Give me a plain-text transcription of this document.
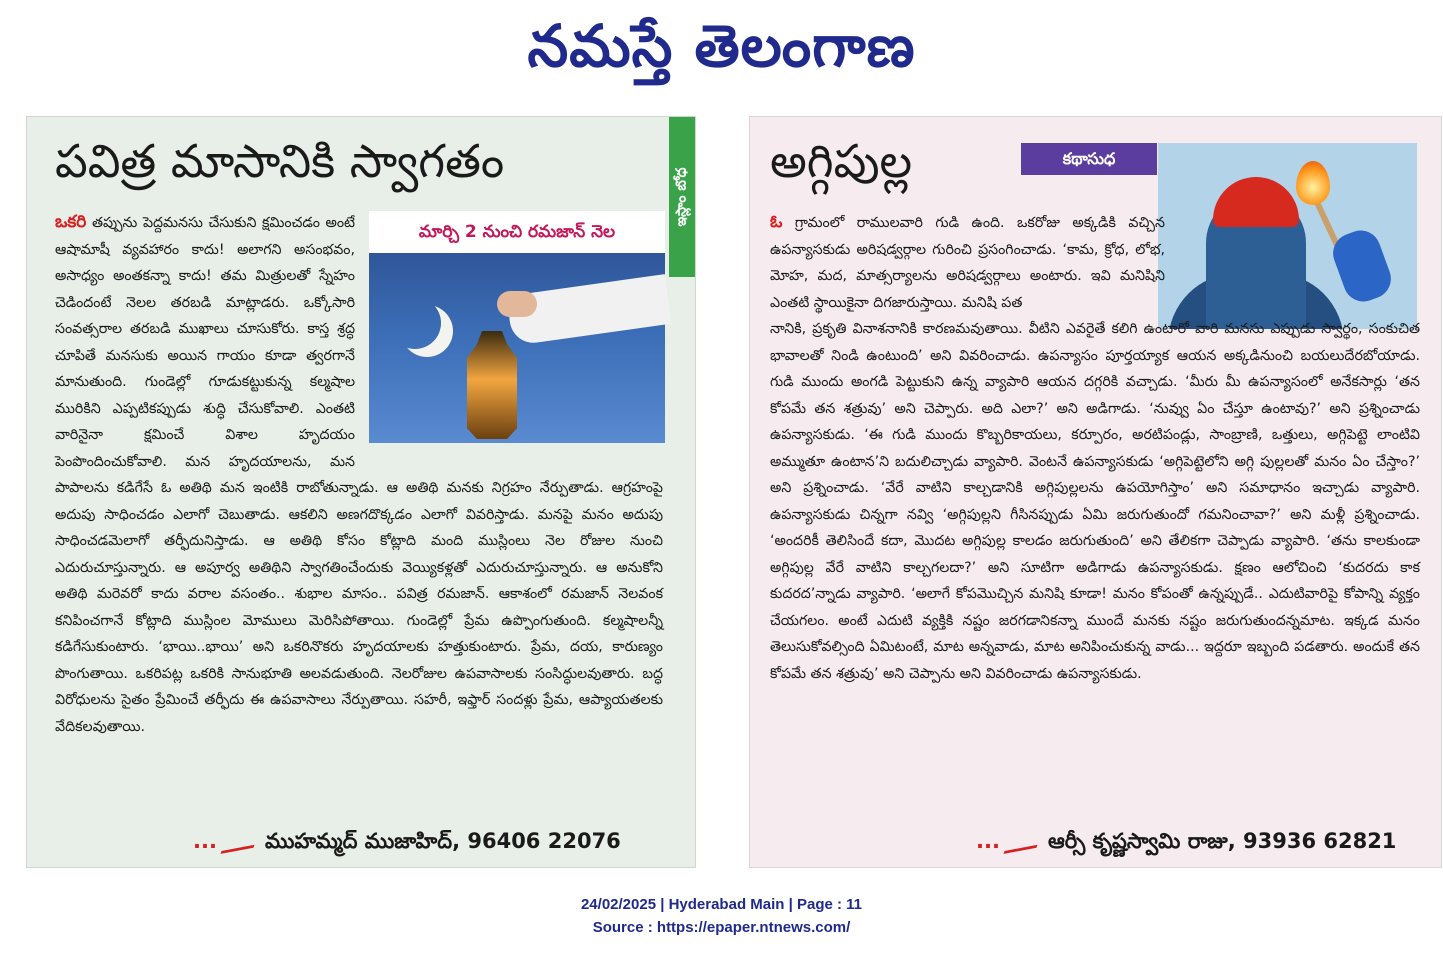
నమస్తే తెలంగాణ
పవిత్ర మాసానికి స్వాగతం
ఇస్లాం బోధ
మార్చి 2 నుంచి రమజాన్ నెల
ఒకరి తప్పును పెద్దమనసు చేసుకుని క్షమించడం అంటే ఆషామాషీ వ్యవహారం కాదు! అలాగని అసంభవం, అసాధ్యం అంతకన్నా కాదు! తమ మిత్రులతో స్నేహం చెడిందంటే నెలల తరబడి మాట్లాడరు. ఒక్కోసారి సంవత్సరాల తరబడి ముఖాలు చూసుకోరు. కాస్త శ్రద్ధ చూపితే మనసుకు అయిన గాయం కూడా త్వరగానే మానుతుంది. గుండెల్లో గూడుకట్టుకున్న కల్మషాల మురికిని ఎప్పటికప్పుడు శుద్ధి చేసుకోవాలి. ఎంతటి వారినైనా క్షమించే విశాల హృదయం పెంపొందించుకోవాలి. మన హృదయాలను, మన పాపాలను కడిగేసే ఓ అతిథి మన ఇంటికి రాబోతున్నాడు. ఆ అతిథి మనకు నిగ్రహం నేర్పుతాడు. ఆగ్రహంపై అదుపు సాధించడం ఎలాగో చెబుతాడు. ఆకలిని అణగదొక్కడం ఎలాగో వివరిస్తాడు. మనపై మనం అదుపు సాధించడమెలాగో తర్ఫీదునిస్తాడు. ఆ అతిథి కోసం కోట్లాది మంది ముస్లింలు నెల రోజుల నుంచి ఎదురుచూస్తున్నారు. ఆ అపూర్వ అతిథిని స్వాగతించేందుకు వెయ్యికళ్లతో ఎదురుచూస్తున్నారు. ఆ అనుకోని అతిథి మరెవరో కాదు వరాల వసంతం.. శుభాల మాసం.. పవిత్ర రమజాన్. ఆకాశంలో రమజాన్ నెలవంక కనిపించగానే కోట్లాది ముస్లింల మోములు మెరిసిపోతాయి. గుండెల్లో ప్రేమ ఉప్పొంగుతుంది. కల్మషాలన్నీ కడిగేసుకుంటారు. ‘భాయి..భాయి’ అని ఒకరినొకరు హృదయాలకు హత్తుకుంటారు. ప్రేమ, దయ, కారుణ్యం పొంగుతాయి. ఒకరిపట్ల ఒకరికి సానుభూతి అలవడుతుంది. నెలరోజుల ఉపవాసాలకు సంసిద్ధులవుతారు. బద్ధ విరోధులను సైతం ప్రేమించే తర్ఫీదు ఈ ఉపవాసాలు నేర్పుతాయి. సహరీ, ఇఫ్తార్ సందళ్లు ప్రేమ, ఆప్యాయతలకు వేదికలవుతాయి.
... ముహమ్మద్ ముజాహిద్, 96406 22076
అగ్గిపుల్ల	కథాసుధ
ఓ గ్రామంలో రాములవారి గుడి ఉంది. ఒకరోజు అక్కడికి వచ్చిన ఉపన్యాసకుడు అరిషడ్వర్గాల గురించి ప్రసంగించాడు. ‘కామ, క్రోధ, లోభ, మోహ, మద, మాత్సర్యాలను అరిషడ్వర్గాలు అంటారు. ఇవి మనిషిని ఎంతటి స్థాయికైనా దిగజారుస్తాయి. మనిషి పత
నానికి, ప్రకృతి వినాశనానికి కారణమవుతాయి. వీటిని ఎవరైతే కలిగి ఉంటారో వారి మనసు ఎప్పుడు స్వార్థం, సంకుచిత భావాలతో నిండి ఉంటుంది’ అని వివరించాడు. ఉపన్యాసం పూర్తయ్యాక ఆయన అక్కడినుంచి బయలుదేరబోయాడు. గుడి ముందు అంగడి పెట్టుకుని ఉన్న వ్యాపారి ఆయన దగ్గరికి వచ్చాడు. ‘మీరు మీ ఉపన్యాసంలో అనేకసార్లు ‘తన కోపమే తన శత్రువు’ అని చెప్పారు. అది ఎలా?’ అని అడిగాడు. ‘నువ్వు ఏం చేస్తూ ఉంటావు?’ అని ప్రశ్నించాడు ఉపన్యాసకుడు. ‘ఈ గుడి ముందు కొబ్బరికాయలు, కర్పూరం, అరటిపండ్లు, సాంబ్రాణి, ఒత్తులు, అగ్గిపెట్టె లాంటివి అమ్ముతూ ఉంటాన’ని బదులిచ్చాడు వ్యాపారి. వెంటనే ఉపన్యాసకుడు ‘అగ్గిపెట్టెలోని అగ్గి పుల్లలతో మనం ఏం చేస్తాం?’ అని ప్రశ్నించాడు. ‘వేరే వాటిని కాల్చడానికి అగ్గిపుల్లలను ఉపయోగిస్తాం’ అని సమాధానం ఇచ్చాడు వ్యాపారి. ఉపన్యాసకుడు చిన్నగా నవ్వి ‘అగ్గిపుల్లని గీసినప్పుడు ఏమి జరుగుతుందో గమనించావా?’ అని మళ్లీ ప్రశ్నించాడు. ‘అందరికీ తెలిసిందే కదా, మొదట అగ్గిపుల్ల కాలడం జరుగుతుంది’ అని తేలికగా చెప్పాడు వ్యాపారి. ‘తను కాలకుండా అగ్గిపుల్ల వేరే వాటిని కాల్చగలదా?’ అని సూటిగా అడిగాడు ఉపన్యాసకుడు. క్షణం ఆలోచించి ‘కుదరదు కాక కుదరద’న్నాడు వ్యాపారి. ‘అలాగే కోపమొచ్చిన మనిషి కూడా! మనం కోపంతో ఉన్నప్పుడే.. ఎదుటివారిపై కోపాన్ని వ్యక్తం చేయగలం. అంటే ఎదుటి వ్యక్తికి నష్టం జరగడానికన్నా ముందే మనకు నష్టం జరుగుతుందన్నమాట. ఇక్కడ మనం తెలుసుకోవల్సింది ఏమిటంటే, మాట అన్నవాడు, మాట అనిపించుకున్న వాడు... ఇద్దరూ ఇబ్బంది పడతారు. అందుకే తన కోపమే తన శత్రువు’ అని చెప్పాను అని వివరించాడు ఉపన్యాసకుడు.
... ఆర్సీ కృష్ణస్వామి రాజు, 93936 62821
24/02/2025 | Hyderabad Main | Page : 11
Source : https://epaper.ntnews.com/
